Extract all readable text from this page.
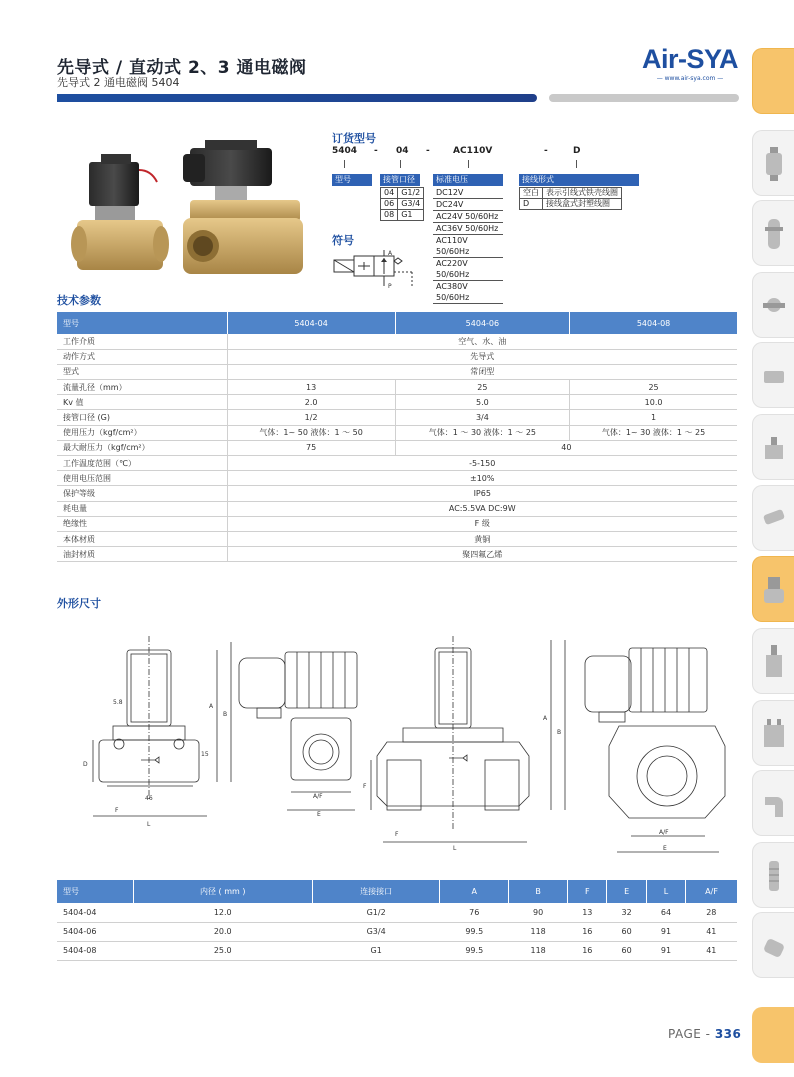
先导式 / 直动式 2、3 通电磁阀
先导式 2 通电磁阀 5404
Air-SYA
— www.air-sya.com —
订货型号
5404 - 04 -	AC110V	-	D
型号	接管口径
04	G1/2
06	G3/4
08	G1
标准电压
DC12V
DC24V
AC24V 50/60Hz
AC36V 50/60Hz
AC110V 50/60Hz
AC220V 50/60Hz
AC380V 50/60Hz
接线形式
空白	表示引线式铁壳线圈
D	接线盒式封塑线圈
符号
A
P
技术参数
型号	5404-04	5404-06	5404-08
工作介质	空气、水、油		
动作方式	先导式		
型式	常闭型		
流量孔径（mm）	13	25	25
Kv 值	2.0	5.0	10.0
接管口径 (G)	1/2	3/4	1
使用压力（kgf/cm²）	气体：1~ 50 液体：1 ～ 50	气体：1 ～ 30 液体：1 ～ 25	气体：1~ 30 液体：1 ～ 25
最大耐压力（kgf/cm²）	75	40	
工作温度范围（℃）	-5-150		
使用电压范围	±10%		
保护等级	IP65		
耗电量	AC:5.5VA DC:9W		
绝缘性	F 级		
本体材质	黄铜		
油封材质	聚四氟乙烯		
外形尺寸
5.8
D
F
46
L
15
A
B
A/F
E
F
F
L
A
B
A/F
E
型号	内径 ( mm )	连接接口	A	B	F	E	L	A/F
5404-04	12.0	G1/2	76	90	13	32	64	28
5404-06	20.0	G3/4	99.5	118	16	60	91	41
5404-08	25.0	G1	99.5	118	16	60	91	41
PAGE - 336
